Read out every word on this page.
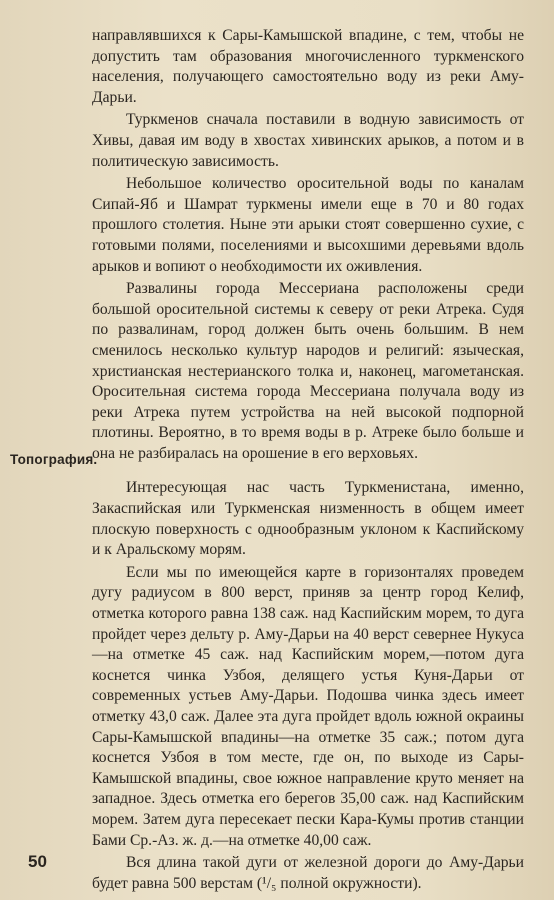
направлявшихся к Сары-Камышской впадине, с тем, чтобы не допустить там образования многочисленного туркменского населения, получающего самостоятельно воду из реки Аму-Дарьи.

Туркменов сначала поставили в водную зависимость от Хивы, давая им воду в хвостах хивинских арыков, а потом и в политическую зависимость.

Небольшое количество оросительной воды по каналам Сипай-Яб и Шамрат туркмены имели еще в 70 и 80 годах прошлого столетия. Ныне эти арыки стоят совершенно сухие, с готовыми полями, поселениями и высохшими деревьями вдоль арыков и вопиют о необходимости их оживления.

Развалины города Мессериана расположены среди большой оросительной системы к северу от реки Атрека. Судя по развалинам, город должен быть очень большим. В нем сменилось несколько культур народов и религий: языческая, христианская нестерианского толка и, наконец, магометанская. Оросительная система города Мессериана получала воду из реки Атрека путем устройства на ней высокой подпорной плотины. Вероятно, в то время воды в р. Атреке было больше и она не разбиралась на орошение в его верховьях.

Интересующая нас часть Туркменистана, именно, Закаспийская или Туркменская низменность в общем имеет плоскую поверхность с однообразным уклоном к Каспийскому и к Аральскому морям.

Если мы по имеющейся карте в горизонталях проведем дугу радиусом в 800 верст, приняв за центр город Келиф, отметка которого равна 138 саж. над Каспийским морем, то дуга пройдет через дельту р. Аму-Дарьи на 40 верст севернее Нукуса—на отметке 45 саж. над Каспийским морем,—потом дуга коснется чинка Узбоя, делящего устья Куня-Дарьи от современных устьев Аму-Дарьи. Подошва чинка здесь имеет отметку 43,0 саж. Далее эта дуга пройдет вдоль южной окраины Сары-Камышской впадины—на отметке 35 саж.; потом дуга коснется Узбоя в том месте, где он, по выходе из Сары-Камышской впадины, свое южное направление круто меняет на западное. Здесь отметка его берегов 35,00 саж. над Каспийским морем. Затем дуга пересекает пески Кара-Кумы против станции Бами Ср.-Аз. ж. д.—на отметке 40,00 саж.

Вся длина такой дуги от железной дороги до Аму-Дарьи будет равна 500 верстам (¹/₅ полной окружности).

Топография.
50
